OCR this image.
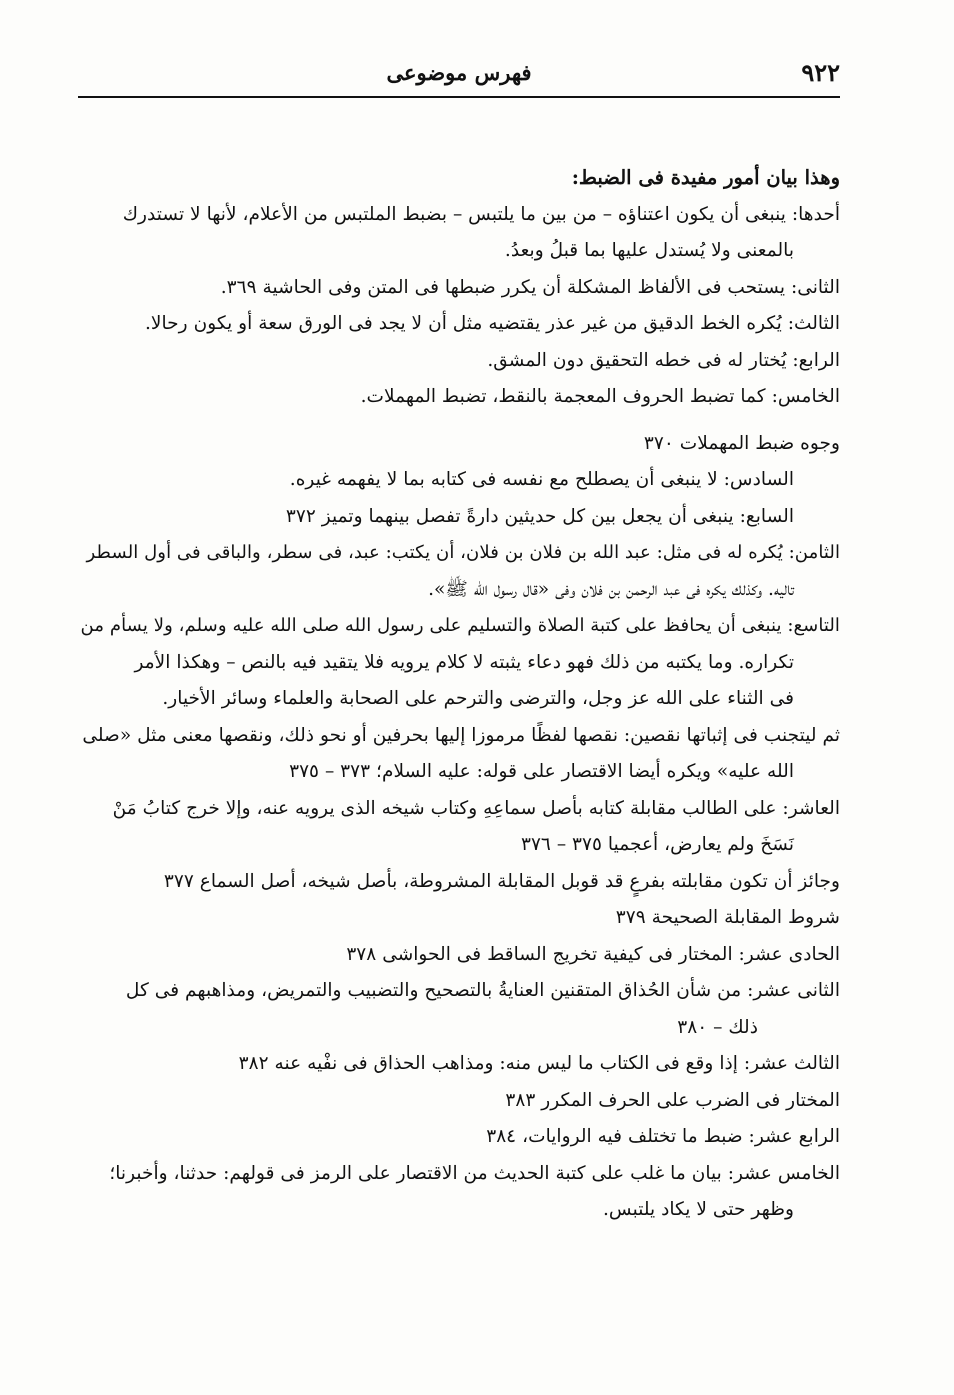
٩٢٢
فهرس موضوعى
وهذا بيان أمور مفيدة فى الضبط:
أحدها: ينبغى أن يكون اعتناؤه – من بين ما يلتبس – بضبط الملتبس من الأعلام، لأنها لا تستدرك
بالمعنى ولا يُستدل عليها بما قبلُ وبعدُ.
الثانى: يستحب فى الألفاظ المشكلة أن يكرر ضبطها فى المتن وفى الحاشية ٣٦٩.
الثالث: يُكره الخط الدقيق من غير عذر يقتضيه مثل أن لا يجد فى الورق سعة أو يكون رحالا.
الرابع: يُختار له فى خطه التحقيق دون المشق.
الخامس: كما تضبط الحروف المعجمة بالنقط، تضبط المهملات.
وجوه ضبط المهملات ٣٧٠
السادس: لا ينبغى أن يصطلح مع نفسه فى كتابه بما لا يفهمه غيره.
السابع: ينبغى أن يجعل بين كل حديثين دارةً تفصل بينهما وتميز ٣٧٢
الثامن: يُكره له فى مثل: عبد الله بن فلان بن فلان، أن يكتب: عبد، فى سطر، والباقى فى أول السطر
تاليه. وكذلك يكره فى عبد الرحمن بن فلان وفى «قال رسول الله ﷺ».
التاسع: ينبغى أن يحافظ على كتبة الصلاة والتسليم على رسول الله صلى الله عليه وسلم، ولا يسأم من
تكراره. وما يكتبه من ذلك فهو دعاء يثبته لا كلام يرويه فلا يتقيد فيه بالنص – وهكذا الأمر
فى الثناء على الله عز وجل، والترضى والترحم على الصحابة والعلماء وسائر الأخيار.
ثم ليتجنب فى إثباتها نقصين: نقصها لفظًا مرموزا إليها بحرفين أو نحو ذلك، ونقصها معنى مثل «صلى
الله عليه» ويكره أيضا الاقتصار على قوله: عليه السلام؛ ٣٧٣ – ٣٧٥
العاشر: على الطالب مقابلة كتابه بأصل سماعِهِ وكتاب شيخه الذى يرويه عنه، وإلا خرج كتابُ مَنْ
نَسَخَ ولم يعارض، أعجميا ٣٧٥ – ٣٧٦
وجائز أن تكون مقابلته بفرعٍ قد قوبل المقابلة المشروطة، بأصل شيخه، أصل السماع ٣٧٧
شروط المقابلة الصحيحة ٣٧٩
الحادى عشر: المختار فى كيفية تخريج الساقط فى الحواشى ٣٧٨
الثانى عشر: من شأن الحُذاق المتقنين العنايةُ بالتصحيح والتضبيب والتمريض، ومذاهبهم فى كل
ذلك – ٣٨٠
الثالث عشر: إذا وقع فى الكتاب ما ليس منه: ومذاهب الحذاق فى نفْيه عنه ٣٨٢
المختار فى الضرب على الحرف المكرر ٣٨٣
الرابع عشر: ضبط ما تختلف فيه الروايات، ٣٨٤
الخامس عشر: بيان ما غلب على كتبة الحديث من الاقتصار على الرمز فى قولهم: حدثنا، وأخبرنا؛
وظهر حتى لا يكاد يلتبس.
